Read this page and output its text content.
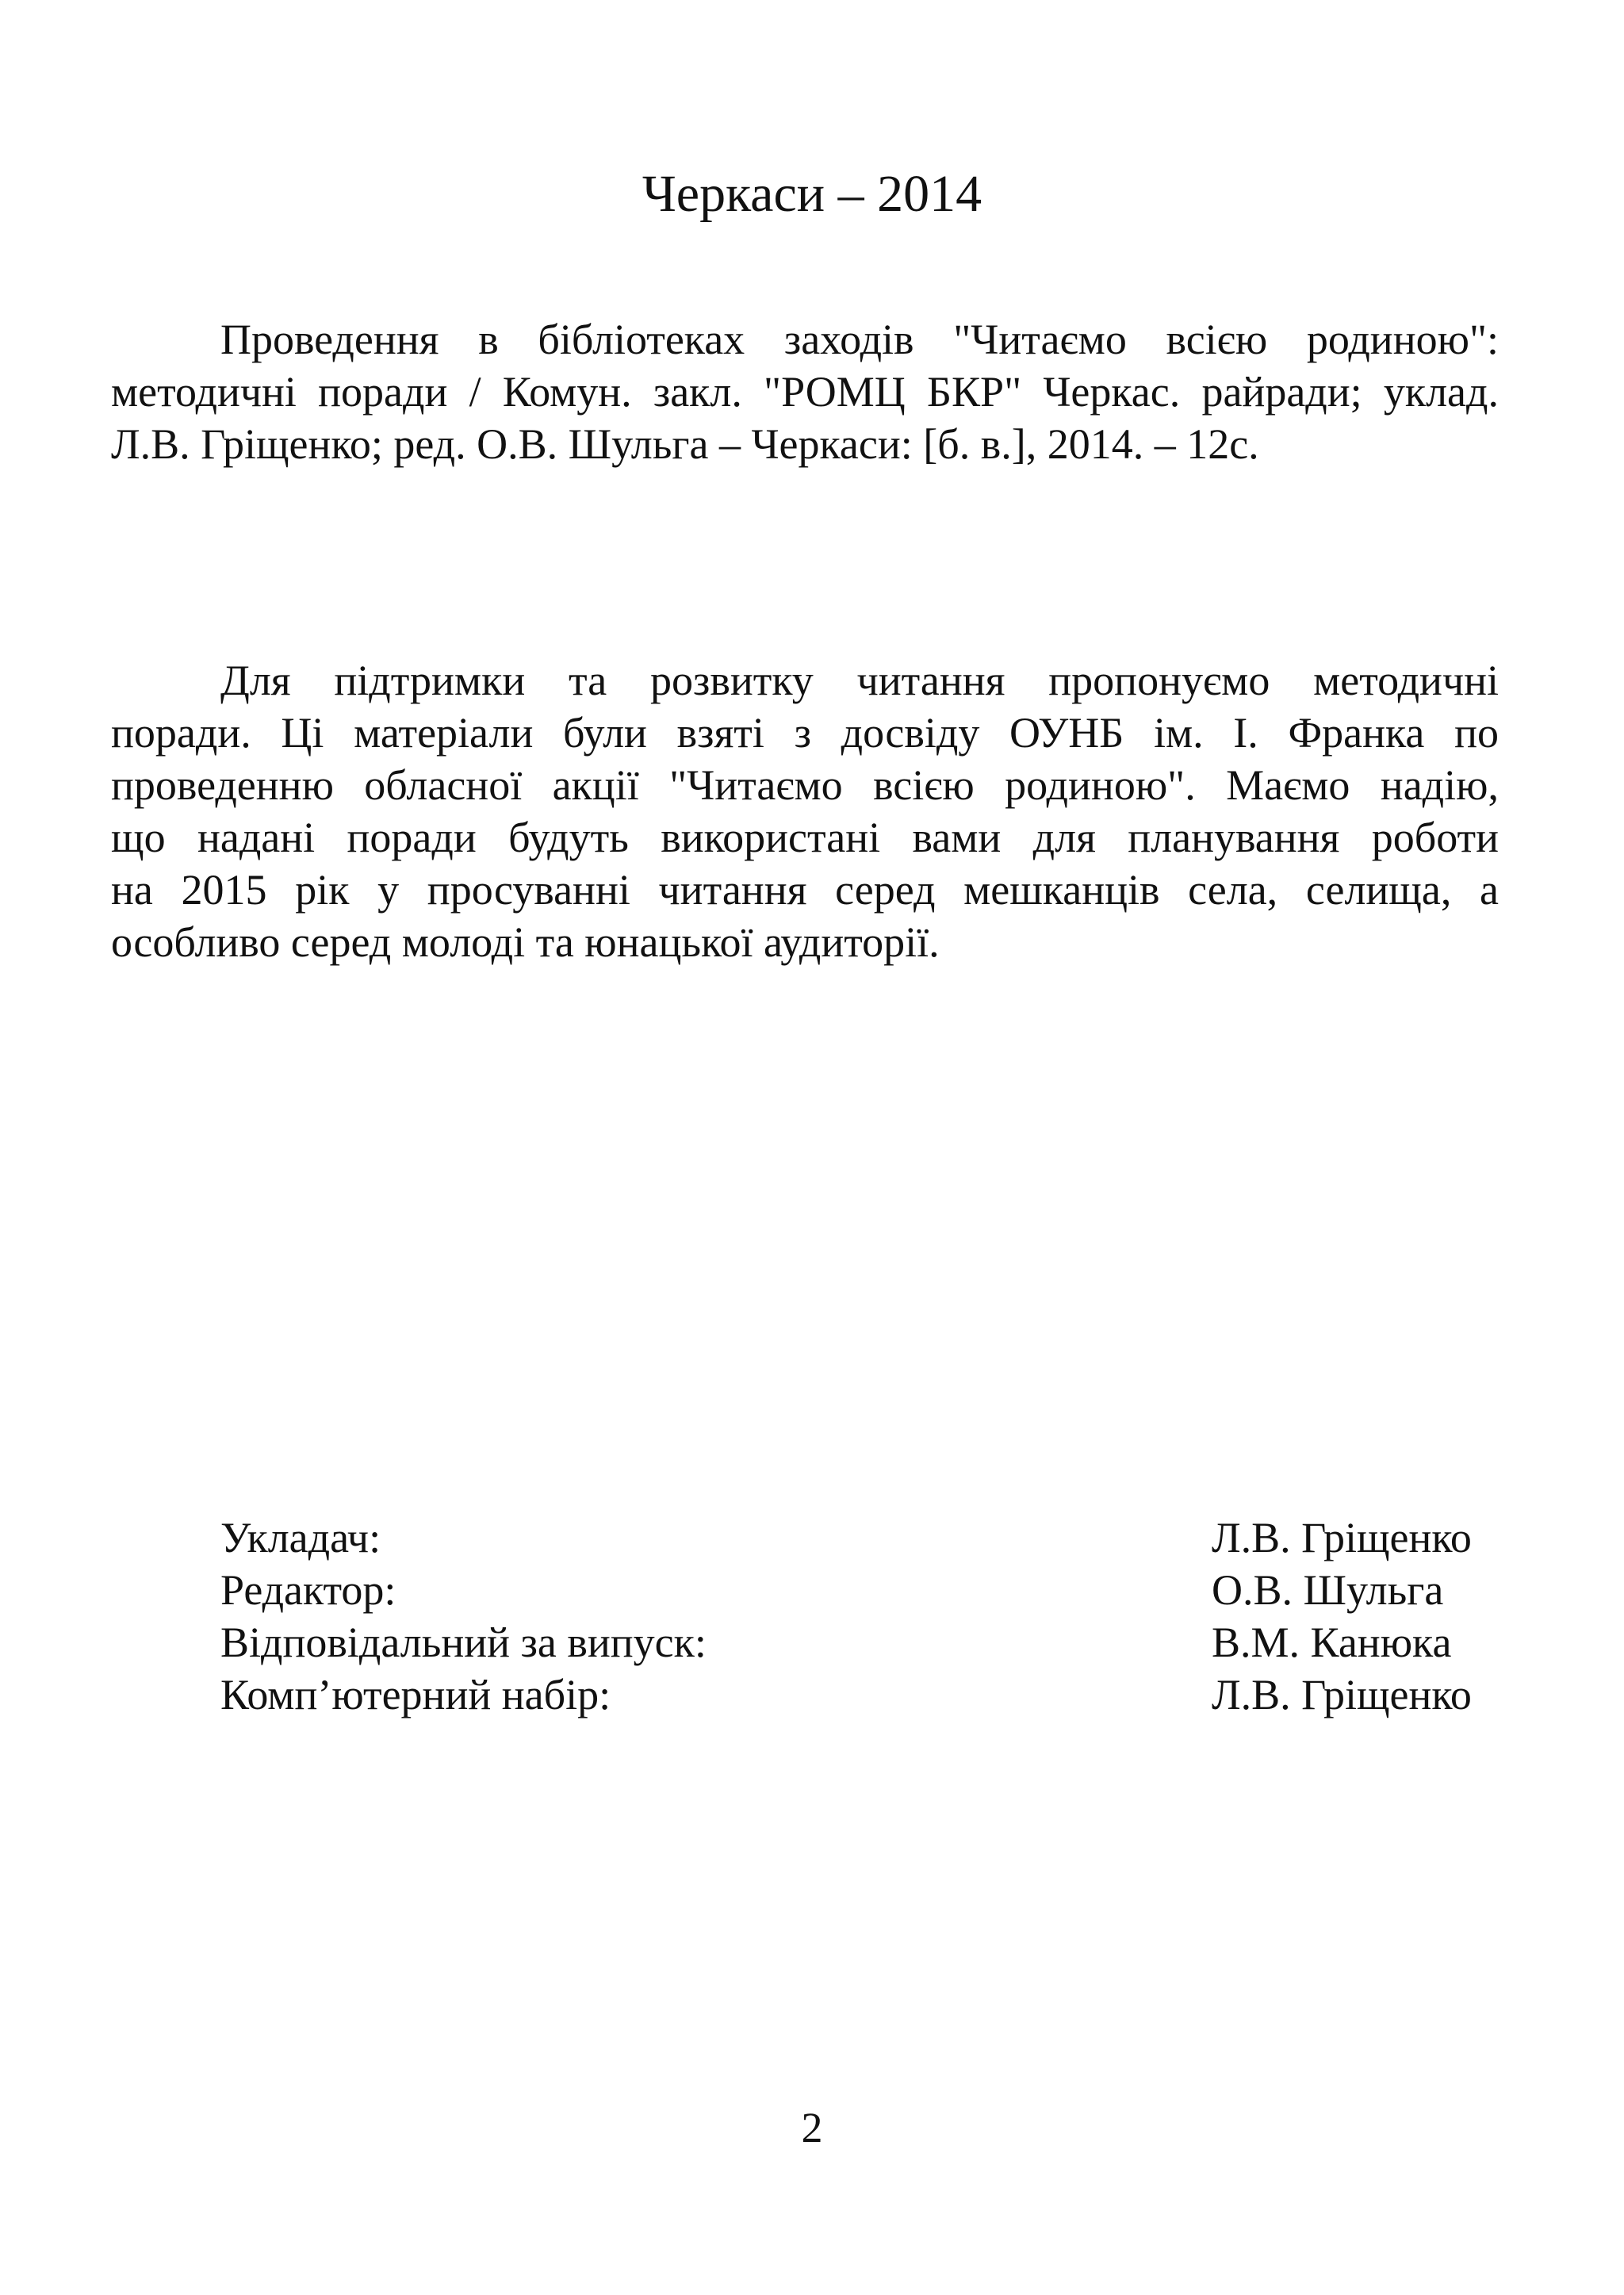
Черкаси – 2014
Проведення в бібліотеках заходів "Читаємо всією родиною":
методичні поради / Комун. закл. "РОМЦ БКР" Черкас. райради; уклад.
Л.В. Гріщенко; ред. О.В. Шульга – Черкаси: [б. в.], 2014. – 12с.
Для підтримки та розвитку читання пропонуємо методичні
поради. Ці матеріали були взяті з досвіду ОУНБ ім. І. Франка по
проведенню обласної акції "Читаємо всією родиною". Маємо надію,
що надані поради будуть використані вами для планування роботи
на 2015 рік у просуванні читання серед мешканців села, селища, а
особливо серед молоді та юнацької аудиторії.
Укладач:	Л.В. Гріщенко
Редактор:	О.В. Шульга
Відповідальний за випуск:	В.М. Канюка
Комп’ютерний набір:	Л.В. Гріщенко
2
